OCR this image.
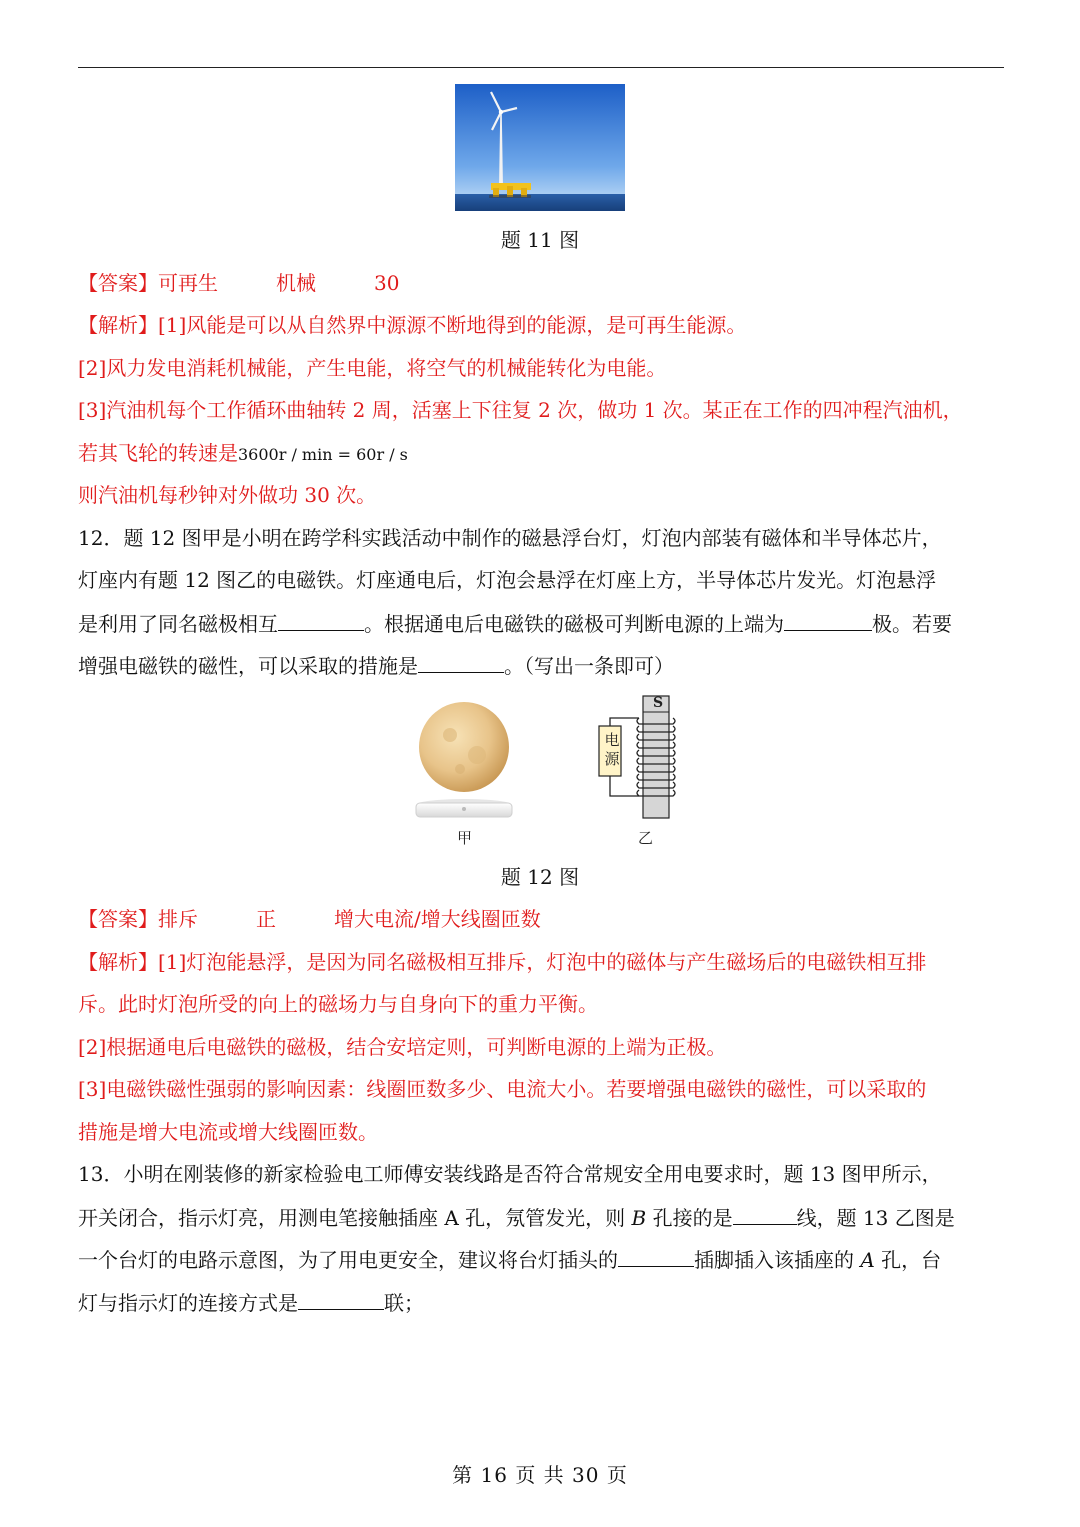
题 11 图
【答案】可再生	机械	30
【解析】[1]风能是可以从自然界中源源不断地得到的能源，是可再生能源。
[2]风力发电消耗机械能，产生电能，将空气的机械能转化为电能。
[3]汽油机每个工作循环曲轴转 2 周，活塞上下往复 2 次，做功 1 次。某正在工作的四冲程汽油机，
若其飞轮的转速是3600r / min = 60r / s
则汽油机每秒钟对外做功 30 次。
12．题 12 图甲是小明在跨学科实践活动中制作的磁悬浮台灯，灯泡内部装有磁体和半导体芯片，
灯座内有题 12 图乙的电磁铁。灯座通电后，灯泡会悬浮在灯座上方，半导体芯片发光。灯泡悬浮
是利用了同名磁极相互	。根据通电后电磁铁的磁极可判断电源的上端为	极。若要
增强电磁铁的磁性，可以采取的措施是	。（写出一条即可）
甲
S
电源
乙
题 12 图
【答案】排斥	正	增大电流/增大线圈匝数
【解析】[1]灯泡能悬浮，是因为同名磁极相互排斥，灯泡中的磁体与产生磁场后的电磁铁相互排
斥。此时灯泡所受的向上的磁场力与自身向下的重力平衡。
[2]根据通电后电磁铁的磁极，结合安培定则，可判断电源的上端为正极。
[3]电磁铁磁性强弱的影响因素：线圈匝数多少、电流大小。若要增强电磁铁的磁性，可以采取的
措施是增大电流或增大线圈匝数。
13．小明在刚装修的新家检验电工师傅安装线路是否符合常规安全用电要求时，题 13 图甲所示，
开关闭合，指示灯亮，用测电笔接触插座 A 孔，氖管发光，则 B 孔接的是	线，题 13 乙图是
一个台灯的电路示意图，为了用电更安全，建议将台灯插头的	插脚插入该插座的 A 孔，台
灯与指示灯的连接方式是	联；
第 16 页 共 30 页
